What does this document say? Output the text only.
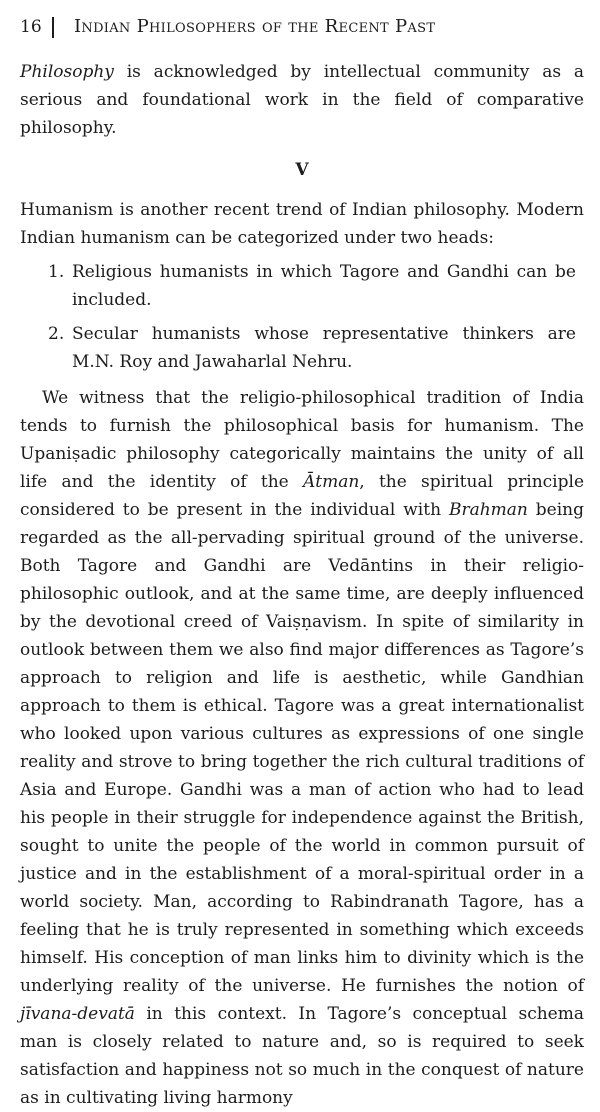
16 Indian Philosophers of the Recent Past

Philosophy is acknowledged by intellectual community as a serious and foundational work in the field of comparative philosophy.

V

Humanism is another recent trend of Indian philosophy. Modern Indian humanism can be categorized under two heads:

1. Religious humanists in which Tagore and Gandhi can be included.
2. Secular humanists whose representative thinkers are M.N. Roy and Jawaharlal Nehru.

We witness that the religio-philosophical tradition of India tends to furnish the philosophical basis for humanism. The Upaniṣadic philosophy categorically maintains the unity of all life and the identity of the Ātman, the spiritual principle considered to be present in the individual with Brahman being regarded as the all-pervading spiritual ground of the universe. Both Tagore and Gandhi are Vedāntins in their religio-philosophic outlook, and at the same time, are deeply influenced by the devotional creed of Vaiṣṇavism. In spite of similarity in outlook between them we also find major differences as Tagore’s approach to religion and life is aesthetic, while Gandhian approach to them is ethical. Tagore was a great internationalist who looked upon various cultures as expressions of one single reality and strove to bring together the rich cultural traditions of Asia and Europe. Gandhi was a man of action who had to lead his people in their struggle for independence against the British, sought to unite the people of the world in common pursuit of justice and in the establishment of a moral-spiritual order in a world society. Man, according to Rabindranath Tagore, has a feeling that he is truly represented in something which exceeds himself. His conception of man links him to divinity which is the underlying reality of the universe. He furnishes the notion of jīvana-devatā in this context. In Tagore’s conceptual schema man is closely related to nature and, so is required to seek satisfaction and happiness not so much in the conquest of nature as in cultivating living harmony
